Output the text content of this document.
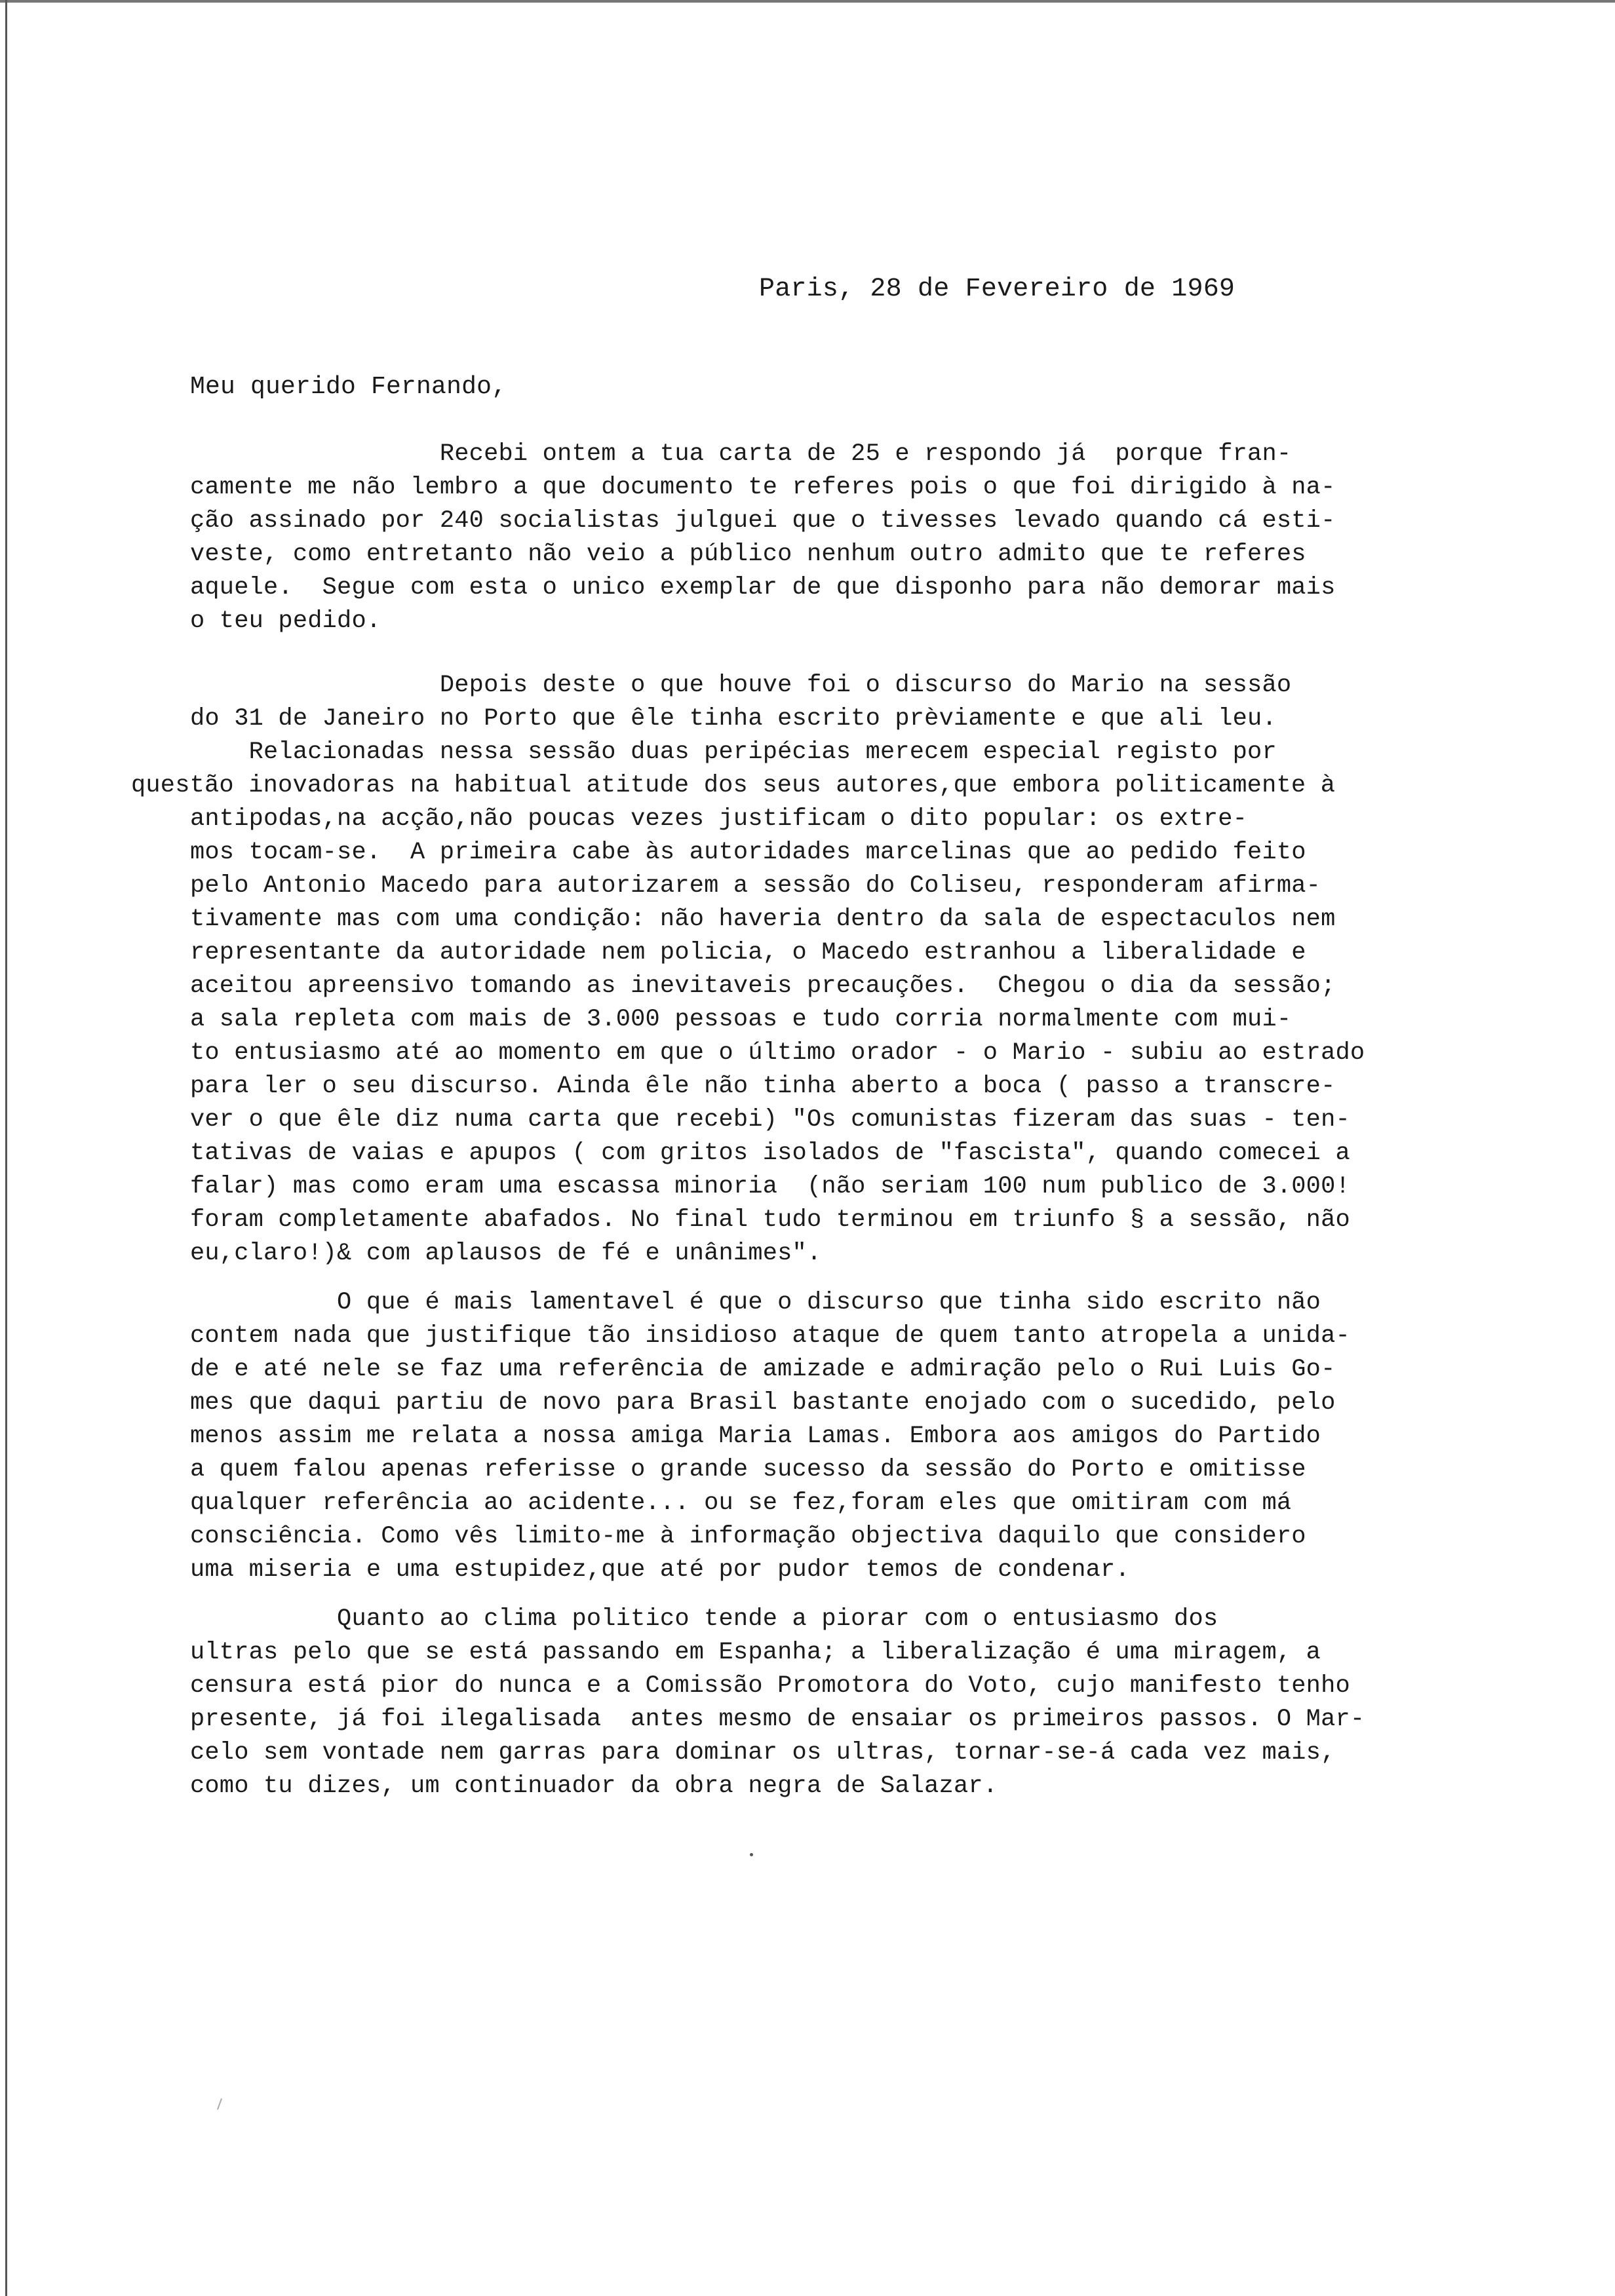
Paris, 28 de Fevereiro de 1969
Meu querido Fernando,
Recebi ontem a tua carta de 25 e respondo já  porque fran-
camente me não lembro a que documento te referes pois o que foi dirigido à na-
ção assinado por 240 socialistas julguei que o tivesses levado quando cá esti-
veste, como entretanto não veio a público nenhum outro admito que te referes
aquele.  Segue com esta o unico exemplar de que disponho para não demorar mais
o teu pedido.
Depois deste o que houve foi o discurso do Mario na sessão
do 31 de Janeiro no Porto que êle tinha escrito prèviamente e que ali leu.
Relacionadas nessa sessão duas peripécias merecem especial registo por
questão inovadoras na habitual atitude dos seus autores,que embora politicamente à
antipodas,na acção,não poucas vezes justificam o dito popular: os extre-
mos tocam-se.  A primeira cabe às autoridades marcelinas que ao pedido feito
pelo Antonio Macedo para autorizarem a sessão do Coliseu, responderam afirma-
tivamente mas com uma condição: não haveria dentro da sala de espectaculos nem
representante da autoridade nem policia, o Macedo estranhou a liberalidade e
aceitou apreensivo tomando as inevitaveis precauções.  Chegou o dia da sessão;
a sala repleta com mais de 3.000 pessoas e tudo corria normalmente com mui-
to entusiasmo até ao momento em que o último orador - o Mario - subiu ao estrado
para ler o seu discurso. Ainda êle não tinha aberto a boca ( passo a transcre-
ver o que êle diz numa carta que recebi) "Os comunistas fizeram das suas - ten-
tativas de vaias e apupos ( com gritos isolados de "fascista", quando comecei a
falar) mas como eram uma escassa minoria  (não seriam 100 num publico de 3.000!
foram completamente abafados. No final tudo terminou em triunfo § a sessão, não
eu,claro!)& com aplausos de fé e unânimes".
O que é mais lamentavel é que o discurso que tinha sido escrito não
contem nada que justifique tão insidioso ataque de quem tanto atropela a unida-
de e até nele se faz uma referência de amizade e admiração pelo o Rui Luis Go-
mes que daqui partiu de novo para Brasil bastante enojado com o sucedido, pelo
menos assim me relata a nossa amiga Maria Lamas. Embora aos amigos do Partido
a quem falou apenas referisse o grande sucesso da sessão do Porto e omitisse
qualquer referência ao acidente... ou se fez,foram eles que omitiram com má
consciência. Como vês limito-me à informação objectiva daquilo que considero
uma miseria e uma estupidez,que até por pudor temos de condenar.
Quanto ao clima politico tende a piorar com o entusiasmo dos
ultras pelo que se está passando em Espanha; a liberalização é uma miragem, a
censura está pior do nunca e a Comissão Promotora do Voto, cujo manifesto tenho
presente, já foi ilegalisada  antes mesmo de ensaiar os primeiros passos. O Mar-
celo sem vontade nem garras para dominar os ultras, tornar-se-á cada vez mais,
como tu dizes, um continuador da obra negra de Salazar.
